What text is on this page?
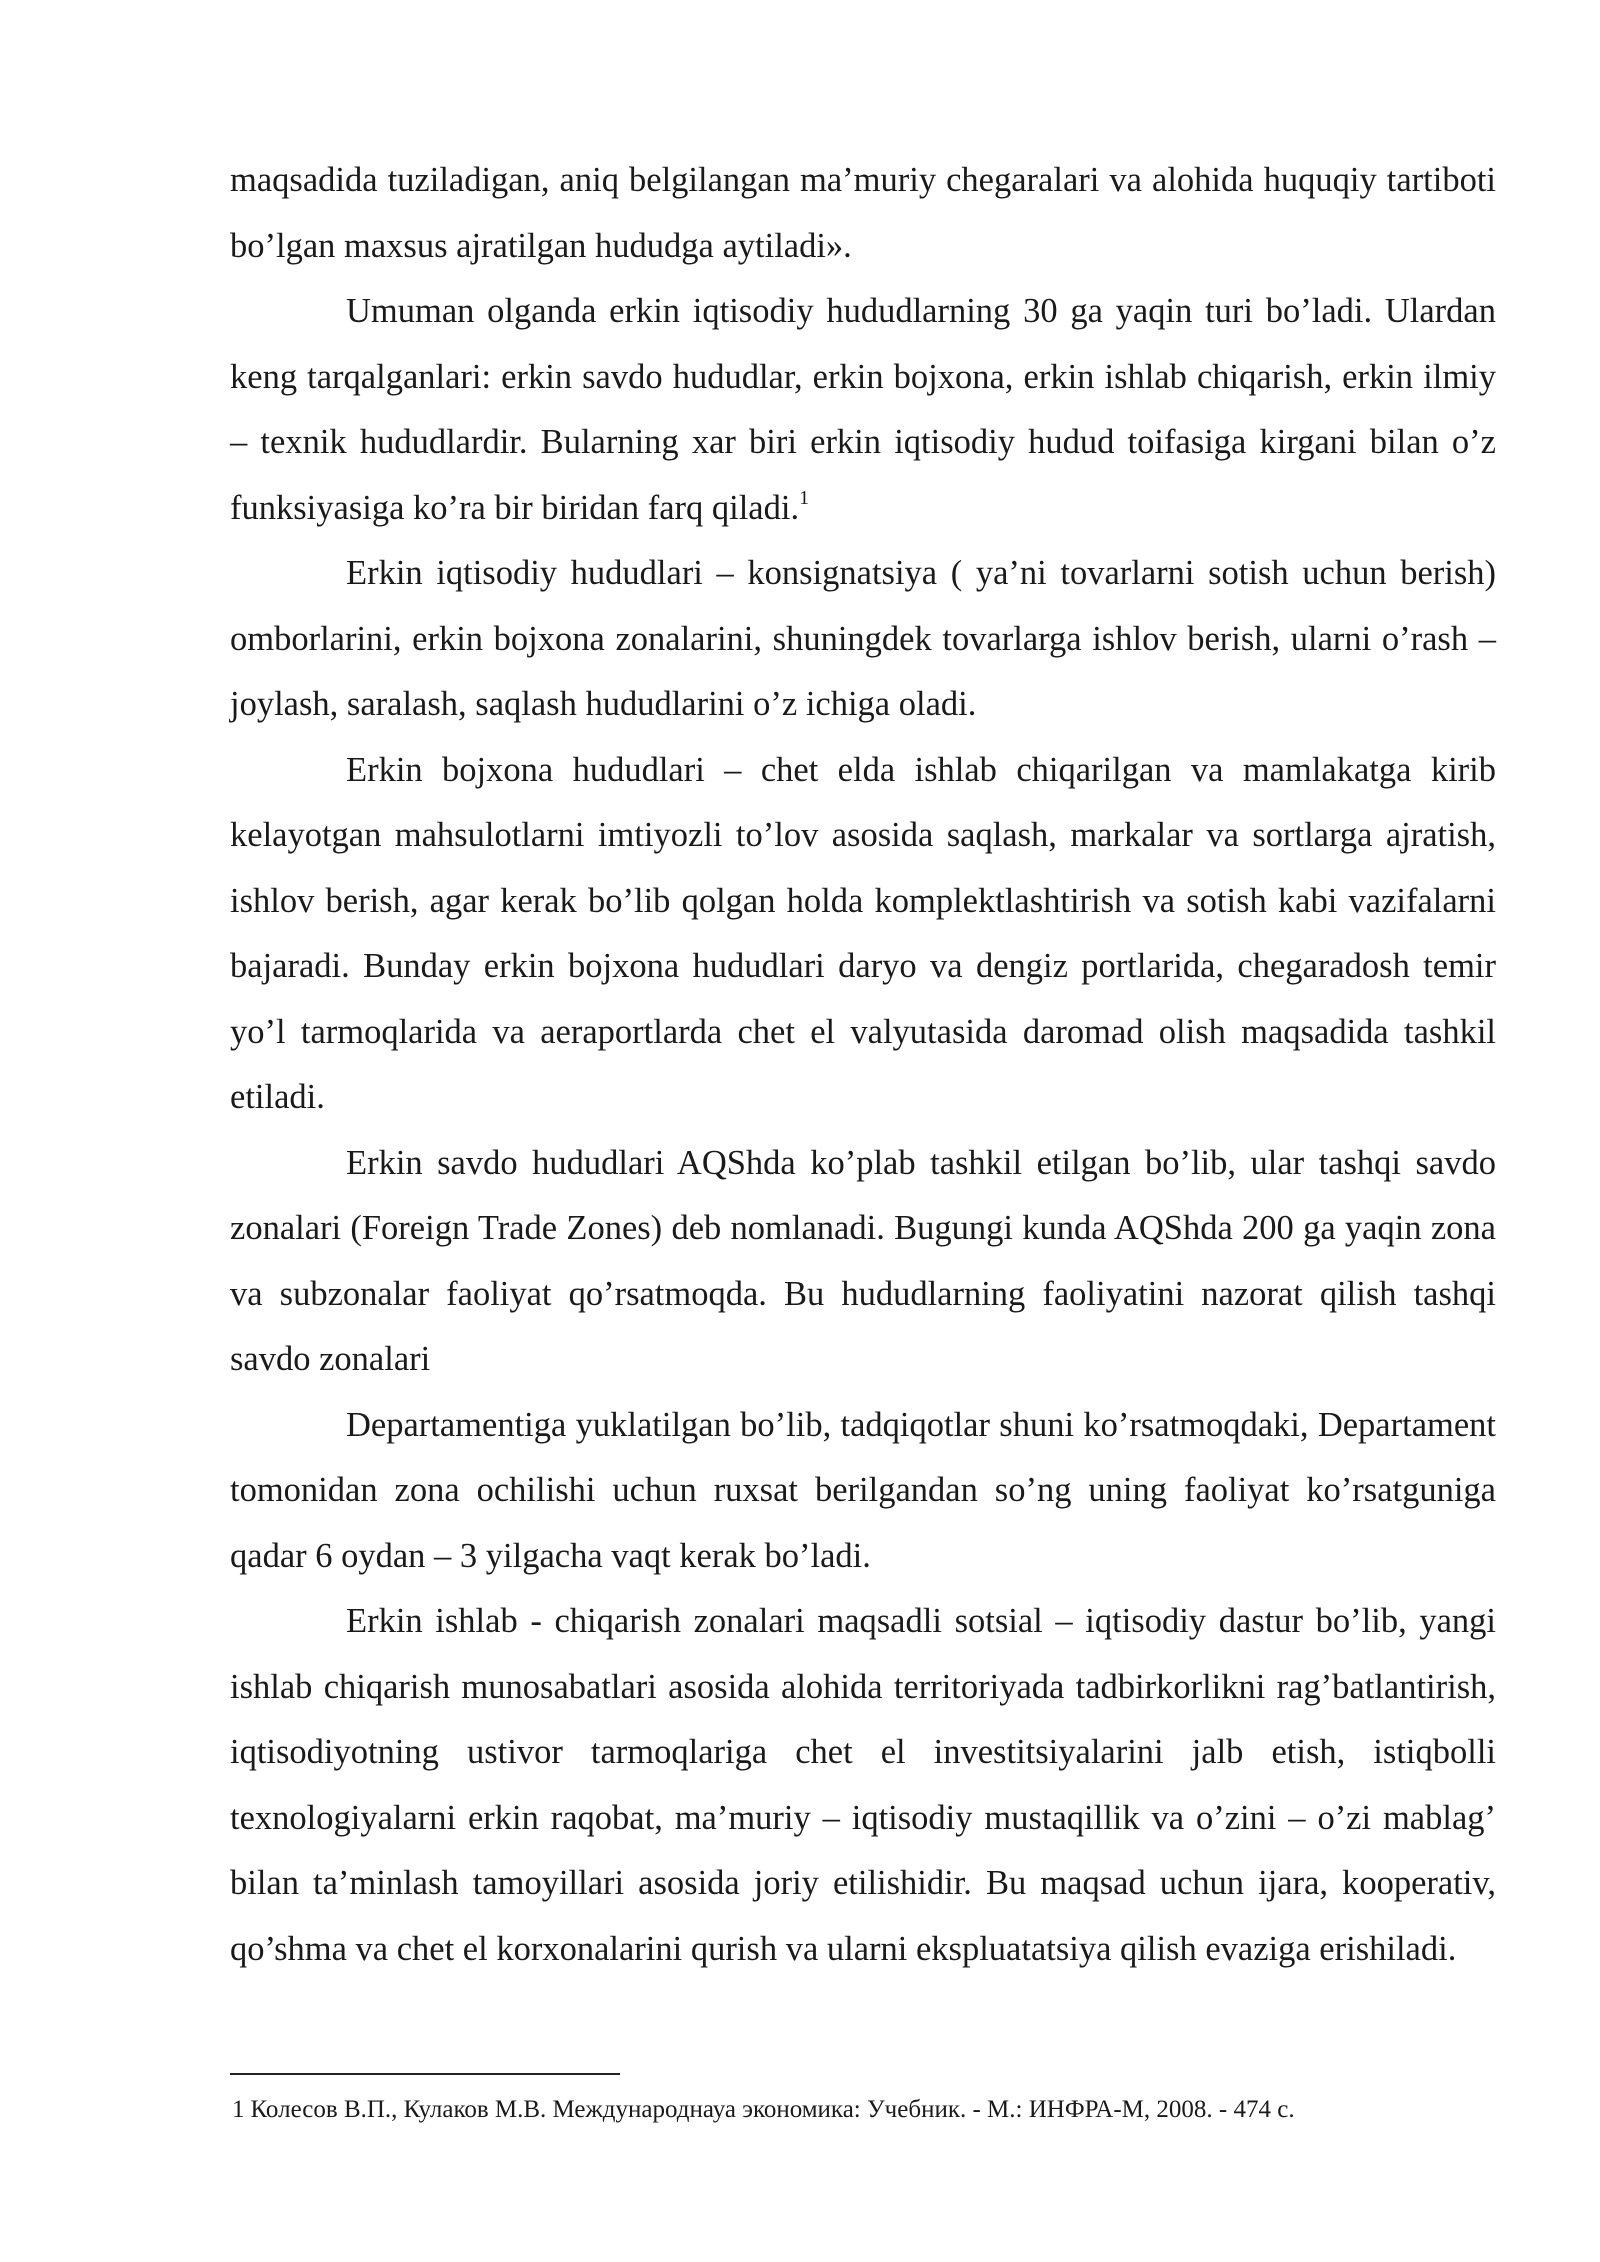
maqsadida tuziladigan, aniq belgilangan ma’muriy chegaralari va alohida huquqiy tartiboti bo’lgan maxsus ajratilgan hududga aytiladi».

Umuman olganda erkin iqtisodiy hududlarning 30 ga yaqin turi bo’ladi. Ulardan keng tarqalganlari: erkin savdo hududlar, erkin bojxona, erkin ishlab chiqarish, erkin ilmiy – texnik hududlardir. Bularning xar biri erkin iqtisodiy hudud toifasiga kirgani bilan o’z funksiyasiga ko’ra bir biridan farq qiladi.$^1$

Erkin iqtisodiy hududlari – konsignatsiya ( ya’ni tovarlarni sotish uchun berish) omborlarini, erkin bojxona zonalarini, shuningdek tovarlarga ishlov berish, ularni o’rash – joylash, saralash, saqlash hududlarini o’z ichiga oladi.

Erkin bojxona hududlari – chet elda ishlab chiqarilgan va mamlakatga kirib kelayotgan mahsulotlarni imtiyozli to’lov asosida saqlash, markalar va sortlarga ajratish, ishlov berish, agar kerak bo’lib qolgan holda komplektlashtirish va sotish kabi vazifalarni bajaradi. Bunday erkin bojxona hududlari daryo va dengiz portlarida, chegaradosh temir yo’l tarmoqlarida va aeraportlarda chet el valyutasida daromad olish maqsadida tashkil etiladi.

Erkin savdo hududlari AQShda ko’plab tashkil etilgan bo’lib, ular tashqi savdo zonalari (Foreign Trade Zones) deb nomlanadi. Bugungi kunda AQShda 200 ga yaqin zona va subzonalar faoliyat qo’rsatmoqda. Bu hududlarning faoliyatini nazorat qilish tashqi savdo zonalari

Departamentiga yuklatilgan bo’lib, tadqiqotlar shuni ko’rsatmoqdaki, Departament tomonidan zona ochilishi uchun ruxsat berilgandan so’ng uning faoliyat ko’rsatguniga qadar 6 oydan – 3 yilgacha vaqt kerak bo’ladi.

Erkin ishlab - chiqarish zonalari maqsadli sotsial – iqtisodiy dastur bo’lib, yangi ishlab chiqarish munosabatlari asosida alohida territoriyada tadbirkorlikni rag’batlantirish, iqtisodiyotning ustivor tarmoqlariga chet el investitsiyalarini jalb etish, istiqbolli texnologiyalarni erkin raqobat, ma’muriy – iqtisodiy mustaqillik va o’zini – o’zi mablag’ bilan ta’minlash tamoyillari asosida joriy etilishidir. Bu maqsad uchun ijara, kooperativ, qo’shma va chet el korxonalarini qurish va ularni ekspluatatsiya qilish evaziga erishiladi.

1 Колесов В.П., Кулаков М.В. Международнауа экономика: Учебник. - М.: ИНФРА-М, 2008. - 474 с.
